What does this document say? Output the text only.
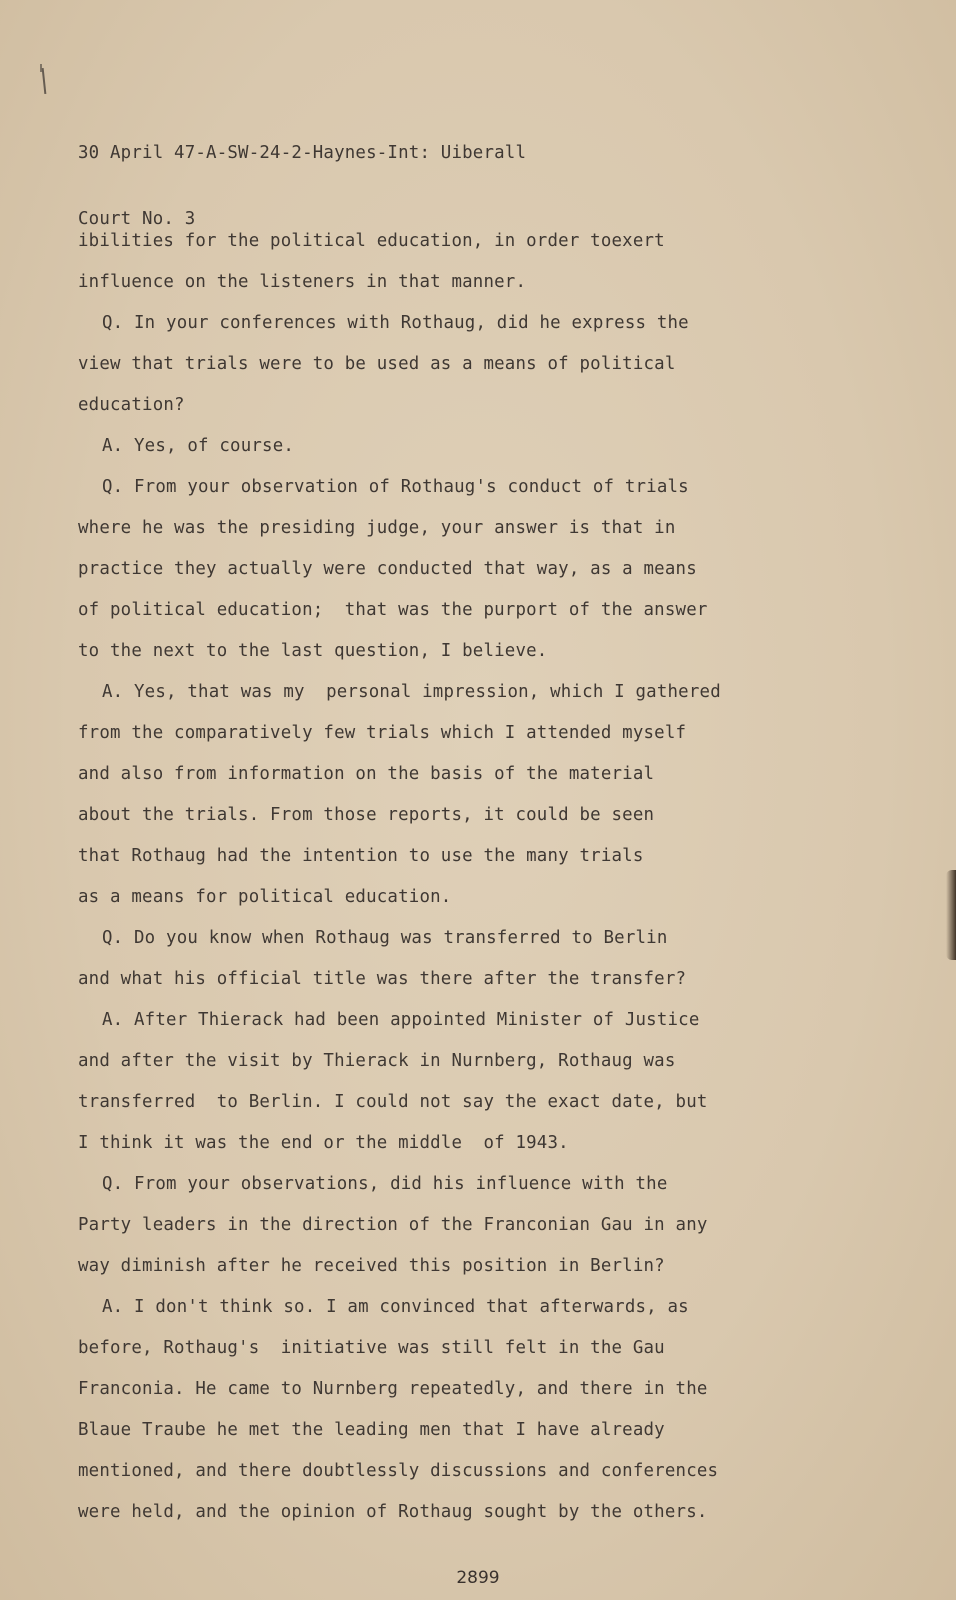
30 April 47-A-SW-24-2-Haynes-Int: Uiberall

Court No. 3

ibilities for the political education, in order toexert
influence on the listeners in that manner.
Q. In your conferences with Rothaug, did he express the
view that trials were to be used as a means of political
education?
A. Yes, of course.
Q. From your observation of Rothaug's conduct of trials
where he was the presiding judge, your answer is that in
practice they actually were conducted that way, as a means
of political education;  that was the purport of the answer
to the next to the last question, I believe.
A. Yes, that was my  personal impression, which I gathered
from the comparatively few trials which I attended myself
and also from information on the basis of the material
about the trials. From those reports, it could be seen
that Rothaug had the intention to use the many trials
as a means for political education.
Q. Do you know when Rothaug was transferred to Berlin
and what his official title was there after the transfer?
A. After Thierack had been appointed Minister of Justice
and after the visit by Thierack in Nurnberg, Rothaug was
transferred  to Berlin. I could not say the exact date, but
I think it was the end or the middle  of 1943.
Q. From your observations, did his influence with the
Party leaders in the direction of the Franconian Gau in any
way diminish after he received this position in Berlin?
A. I don't think so. I am convinced that afterwards, as
before, Rothaug's  initiative was still felt in the Gau
Franconia. He came to Nurnberg repeatedly, and there in the
Blaue Traube he met the leading men that I have already
mentioned, and there doubtlessly discussions and conferences
were held, and the opinion of Rothaug sought by the others.
2899
